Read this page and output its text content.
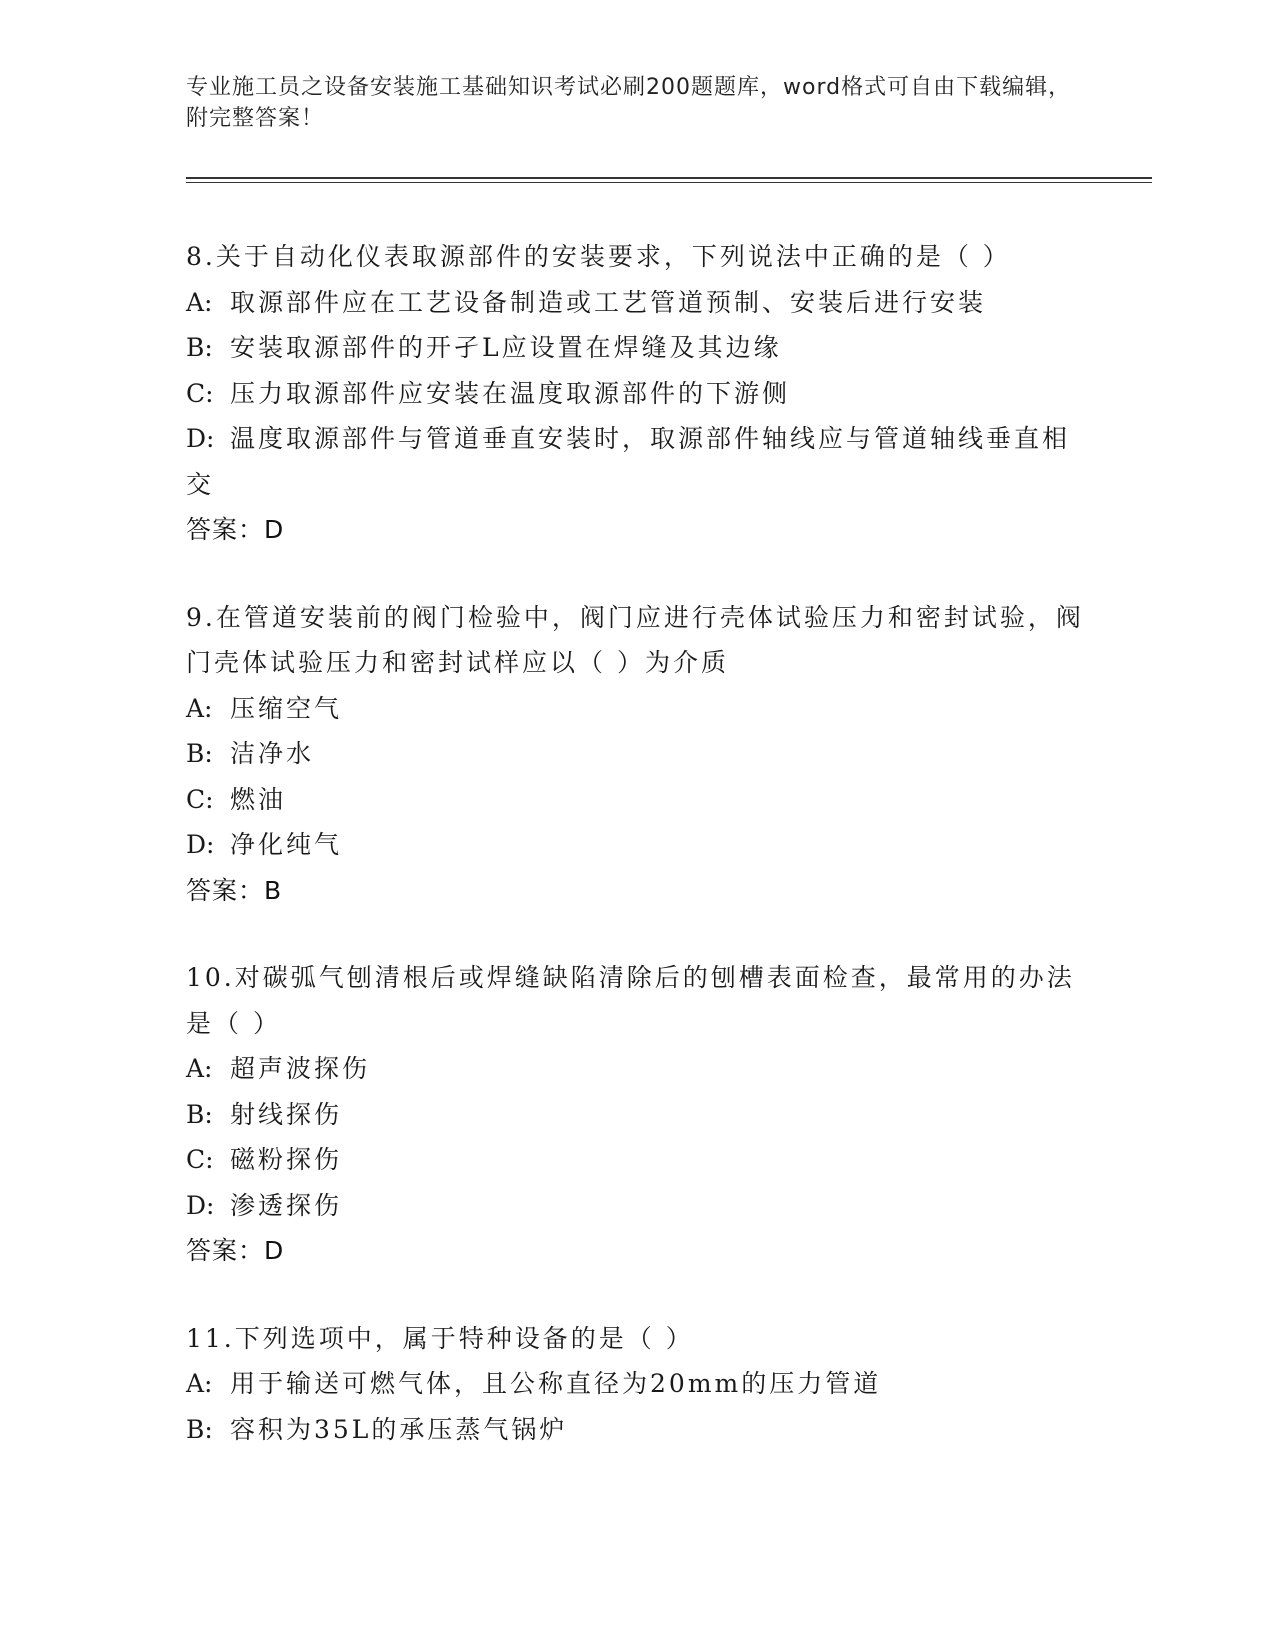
专业施工员之设备安装施工基础知识考试必刷200题题库，word格式可自由下载编辑，附完整答案！
8.关于自动化仪表取源部件的安装要求，下列说法中正确的是（ ）
A: 取源部件应在工艺设备制造或工艺管道预制、安装后进行安装
B: 安装取源部件的开孑L应设置在焊缝及其边缘
C: 压力取源部件应安装在温度取源部件的下游侧
D: 温度取源部件与管道垂直安装时，取源部件轴线应与管道轴线垂直相交
答案：D
9.在管道安装前的阀门检验中，阀门应进行壳体试验压力和密封试验，阀门壳体试验压力和密封试样应以（ ）为介质
A: 压缩空气
B: 洁净水
C: 燃油
D: 净化纯气
答案：B
10.对碳弧气刨清根后或焊缝缺陷清除后的刨槽表面检查，最常用的办法是（ ）
A: 超声波探伤
B: 射线探伤
C: 磁粉探伤
D: 渗透探伤
答案：D
11.下列选项中，属于特种设备的是（ ）
A: 用于输送可燃气体，且公称直径为20mm的压力管道
B: 容积为35L的承压蒸气锅炉
